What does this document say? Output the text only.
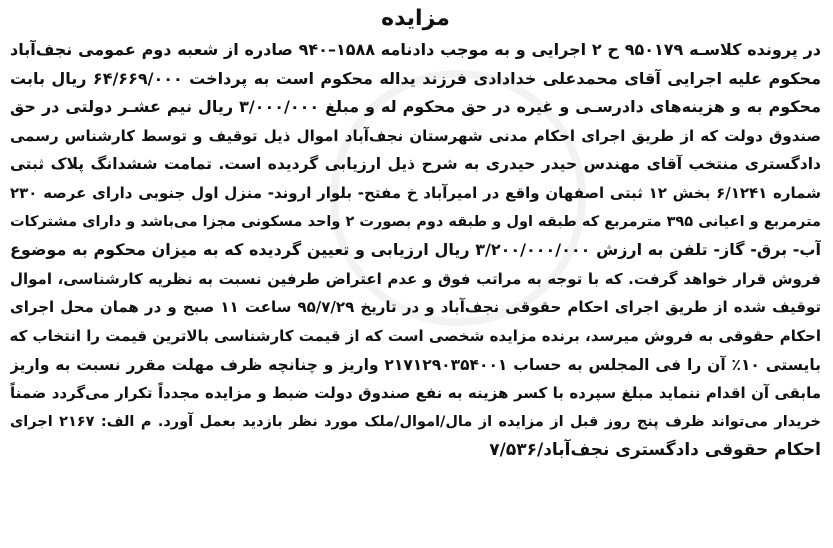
مزایده
در پرونده کلاسـه ۹۵۰۱۷۹ ح ۲ اجرایی و به موجب دادنامه ۱۵۸۸–۹۴۰ صادره از شعبه دوم عمومی نجف‌آباد
محکوم علیه اجرایی آقای محمدعلی خدادادی فرزند یداله محکوم است به پرداخت ۶۴/۶۶۹/۰۰۰ ریال بابت
محکوم به و هزینه‌های دادرسـی و غیره در حق محکوم له و مبلغ ۳/۰۰۰/۰۰۰ ریال نیم عشـر دولتی در حق
صندوق دولت که از طریق اجرای احکام مدنی شهرستان نجف‌آباد اموال ذیل توقیف و توسط کارشناس رسمی
دادگستری منتخب آقای مهندس حیدر حیدری به شرح ذیل ارزیابی گردیده است. تمامت ششدانگ پلاک ثبتی
شماره ۶/۱۲۴۱ بخش ۱۲ ثبتی اصفهان واقع در امیرآباد خ مفتح- بلوار اروند- منزل اول جنوبی دارای عرصه ۲۳۰
مترمربع و اعیانی ۳۹۵ مترمربع که طبقه اول و طبقه دوم بصورت ۲ واحد مسکونی مجزا می‌باشد و دارای مشترکات
آب- برق- گاز- تلفن به ارزش ۳/۲۰۰/۰۰۰/۰۰۰ ریال ارزیابی و تعیین گردیده که به میزان محکوم به موضوع
فروش قرار خواهد گرفت. که با توجه به مراتب فوق و عدم اعتراض طرفین نسبت به نظریه کارشناسی، اموال
توقیف شده از طریق اجرای احکام حقوقی نجف‌آباد و در تاریخ ۹۵/۷/۲۹ ساعت ۱۱ صبح و در همان محل اجرای
احکام حقوقی به فروش میرسد، برنده مزایده شخصی است که از قیمت کارشناسی بالاترین قیمت را انتخاب که
بایستی ۱۰٪ آن را فی المجلس به حساب ۲۱۷۱۲۹۰۳۵۴۰۰۱ واریز و چنانچه ظرف مهلت مقرر نسبت به واریز
مابقی آن اقدام ننماید مبلغ سپرده با کسر هزینه به نفع صندوق دولت ضبط و مزایده مجدداً تکرار می‌گردد ضمناً
خریدار می‌تواند ظرف پنج روز قبل از مزایده از مال/اموال/ملک مورد نظر بازدید بعمل آورد. م الف: ۲۱۶۷ اجرای
احکام حقوقی دادگستری نجف‌آباد/۷/۵۳۶
